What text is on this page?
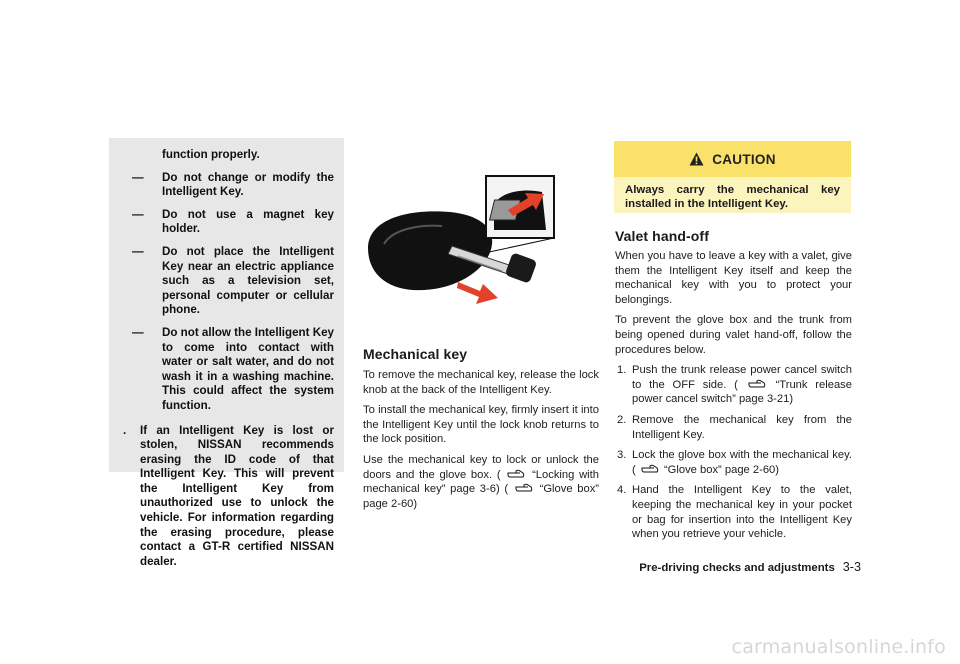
function properly.
— Do not change or modify the Intelligent Key.
— Do not use a magnet key holder.
— Do not place the Intelligent Key near an electric appliance such as a television set, personal computer or cellular phone.
— Do not allow the Intelligent Key to come into contact with water or salt water, and do not wash it in a washing machine. This could affect the system function.
. If an Intelligent Key is lost or stolen, NISSAN recommends erasing the ID code of that Intelligent Key. This will prevent the Intelligent Key from unauthorized use to unlock the vehicle. For information regarding the erasing procedure, please contact a GT-R certified NISSAN dealer.
Mechanical key

To remove the mechanical key, release the lock knob at the back of the Intelligent Key.

To install the mechanical key, firmly insert it into the Intelligent Key until the lock knob returns to the lock position.

Use the mechanical key to lock or unlock the doors and the glove box. (	“Locking with mechanical key” page 3-6) (	“Glove box” page 2-60)

CAUTION
Always carry the mechanical key installed in the Intelligent Key.
Valet hand-off

When you have to leave a key with a valet, give them the Intelligent Key itself and keep the mechanical key with you to protect your belongings.

To prevent the glove box and the trunk from being opened during valet hand-off, follow the procedures below.

1. Push the trunk release power cancel switch to the OFF side. (	“Trunk release power cancel switch” page 3-21)
2. Remove the mechanical key from the Intelligent Key.
3. Lock the glove box with the mechanical key. (	“Glove box” page 2-60)
4. Hand the Intelligent Key to the valet, keeping the mechanical key in your pocket or bag for insertion into the Intelligent Key when you retrieve your vehicle.
Pre-driving checks and adjustments 3-3
carmanualsonline.info
